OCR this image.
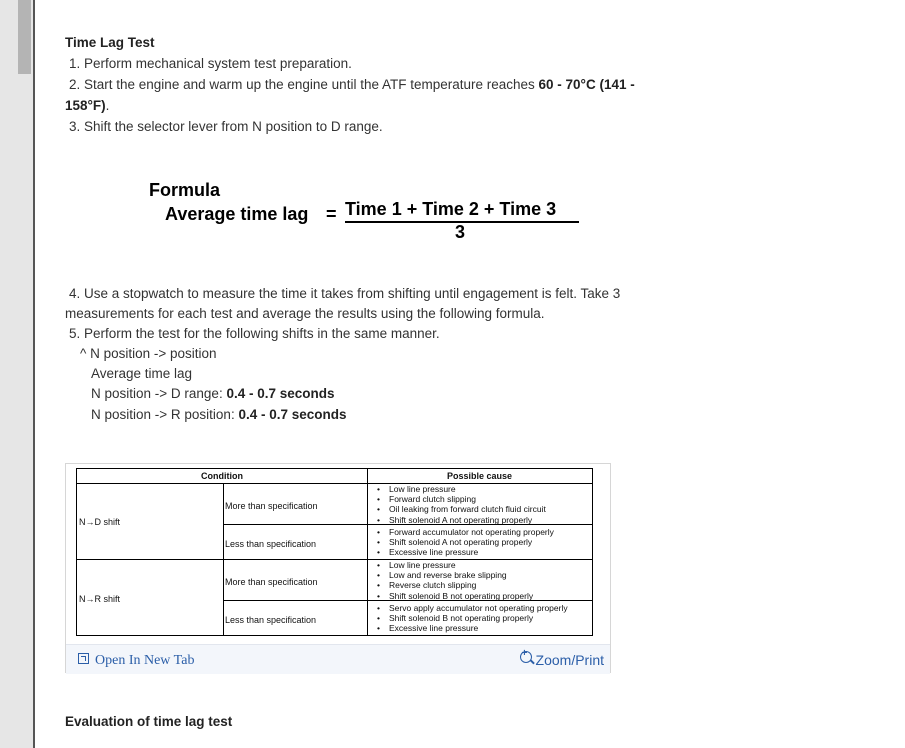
Time Lag Test
1. Perform mechanical system test preparation.
2. Start the engine and warm up the engine until the ATF temperature reaches 60 - 70°C (141 -
158°F).
3. Shift the selector lever from N position to D range.
4. Use a stopwatch to measure the time it takes from shifting until engagement is felt. Take 3
measurements for each test and average the results using the following formula.
5. Perform the test for the following shifts in the same manner.
^ N position -> position
Average time lag
N position -> D range: 0.4 - 0.7 seconds
N position -> R position: 0.4 - 0.7 seconds
Formula
Average time lag = Time 1 + Time 2 + Time 3
3
Condition	Possible cause
N→D shift
More than specification
• Low line pressure
• Forward clutch slipping
• Oil leaking from forward clutch fluid circuit
• Shift solenoid A not operating properly
Less than specification
• Forward accumulator not operating properly
• Shift solenoid A not operating properly
• Excessive line pressure
N→R shift
More than specification
• Low line pressure
• Low and reverse brake slipping
• Reverse clutch slipping
• Shift solenoid B not operating properly
Less than specification
• Servo apply accumulator not operating properly
• Shift solenoid B not operating properly
• Excessive line pressure
Open In New Tab
+	Zoom/Print
Evaluation of time lag test
